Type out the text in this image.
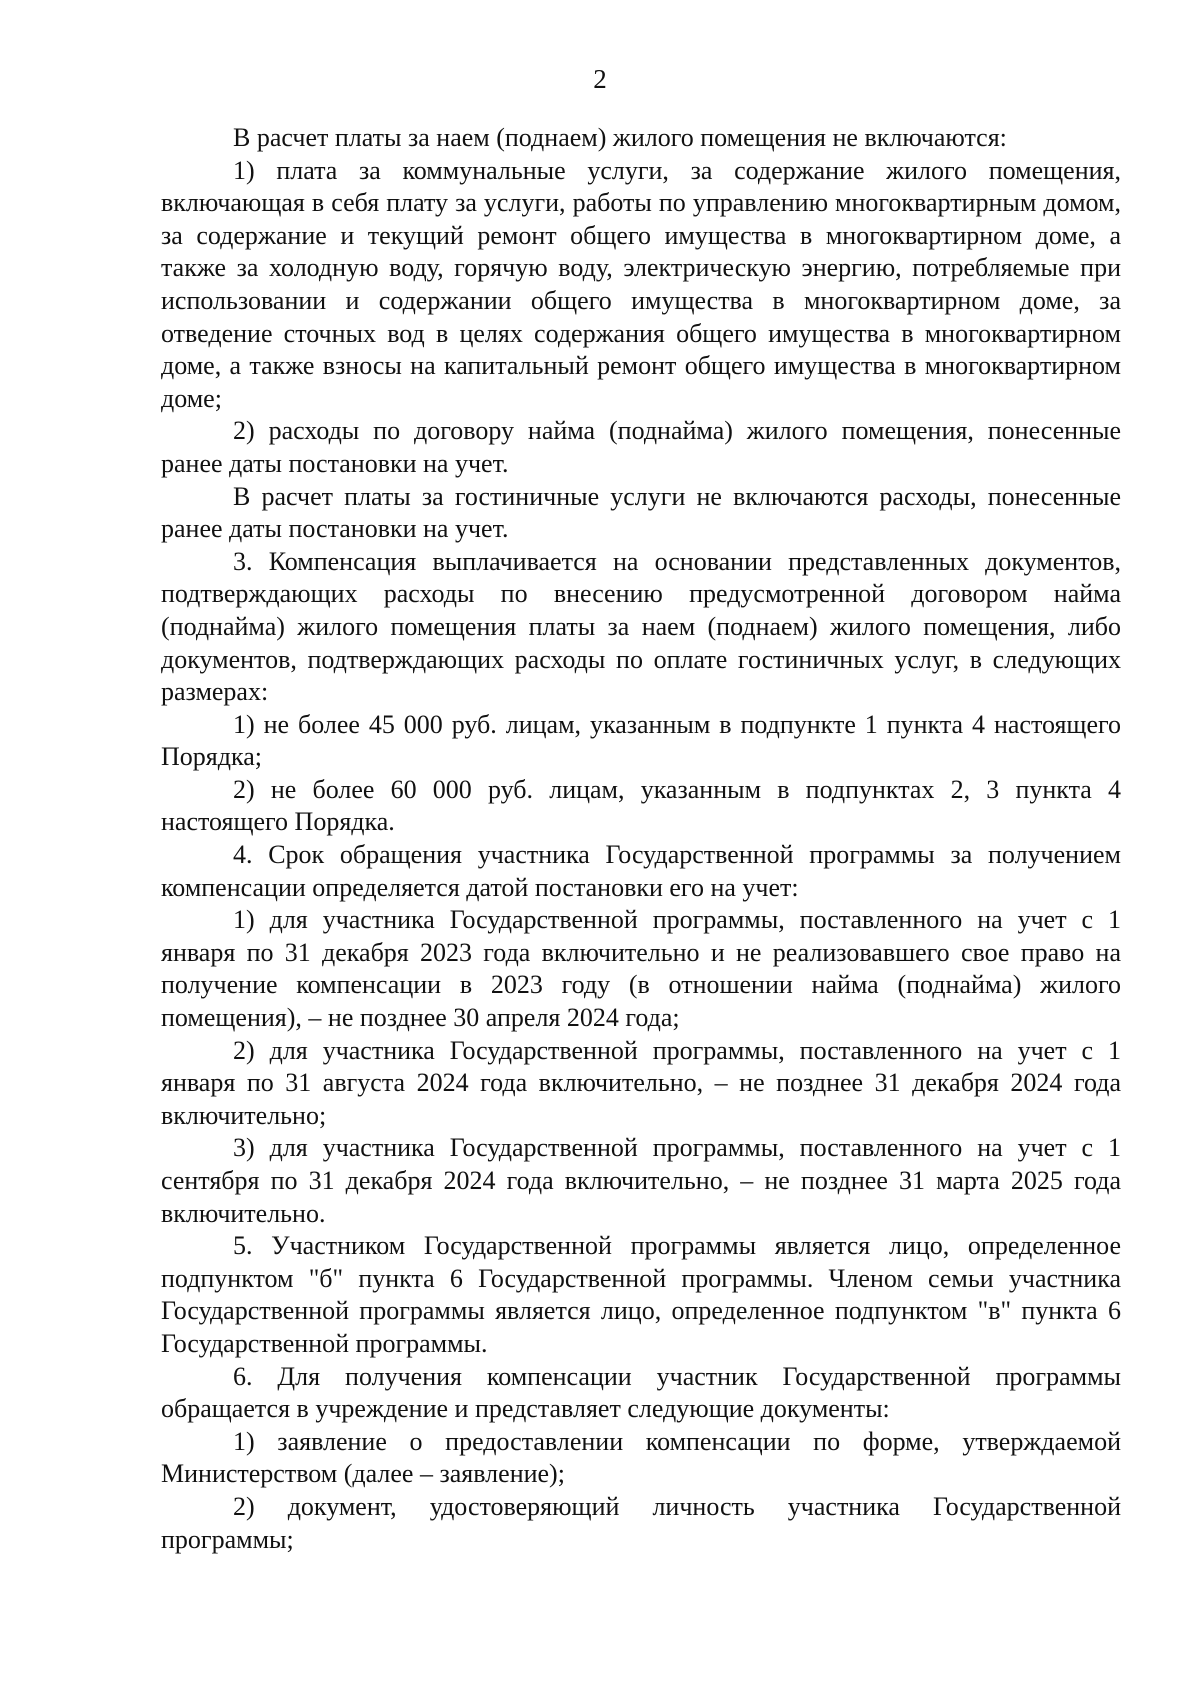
2

В расчет платы за наем (поднаем) жилого помещения не включаются:

1) плата за коммунальные услуги, за содержание жилого помещения, включающая в себя плату за услуги, работы по управлению многоквартирным домом, за содержание и текущий ремонт общего имущества в многоквартирном доме, а также за холодную воду, горячую воду, электрическую энергию, потребляемые при использовании и содержании общего имущества в многоквартирном доме, за отведение сточных вод в целях содержания общего имущества в многоквартирном доме, а также взносы на капитальный ремонт общего имущества в многоквартирном доме;

2) расходы по договору найма (поднайма) жилого помещения, понесенные ранее даты постановки на учет.

В расчет платы за гостиничные услуги не включаются расходы, понесенные ранее даты постановки на учет.

3. Компенсация выплачивается на основании представленных документов, подтверждающих расходы по внесению предусмотренной договором найма (поднайма) жилого помещения платы за наем (поднаем) жилого помещения, либо документов, подтверждающих расходы по оплате гостиничных услуг, в следующих размерах:

1) не более 45 000 руб. лицам, указанным в подпункте 1 пункта 4 настоящего Порядка;

2) не более 60 000 руб. лицам, указанным в подпунктах 2, 3 пункта 4 настоящего Порядка.

4. Срок обращения участника Государственной программы за получением компенсации определяется датой постановки его на учет:

1) для участника Государственной программы, поставленного на учет с 1 января по 31 декабря 2023 года включительно и не реализовавшего свое право на получение компенсации в 2023 году (в отношении найма (поднайма) жилого помещения), – не позднее 30 апреля 2024 года;

2) для участника Государственной программы, поставленного на учет с 1 января по 31 августа 2024 года включительно, – не позднее 31 декабря 2024 года включительно;

3) для участника Государственной программы, поставленного на учет с 1 сентября по 31 декабря 2024 года включительно, – не позднее 31 марта 2025 года включительно.

5. Участником Государственной программы является лицо, определенное подпунктом "б" пункта 6 Государственной программы. Членом семьи участника Государственной программы является лицо, определенное подпунктом "в" пункта 6 Государственной программы.

6. Для получения компенсации участник Государственной программы обращается в учреждение и представляет следующие документы:

1) заявление о предоставлении компенсации по форме, утверждаемой Министерством (далее – заявление);

2) документ, удостоверяющий личность участника Государственной программы;
